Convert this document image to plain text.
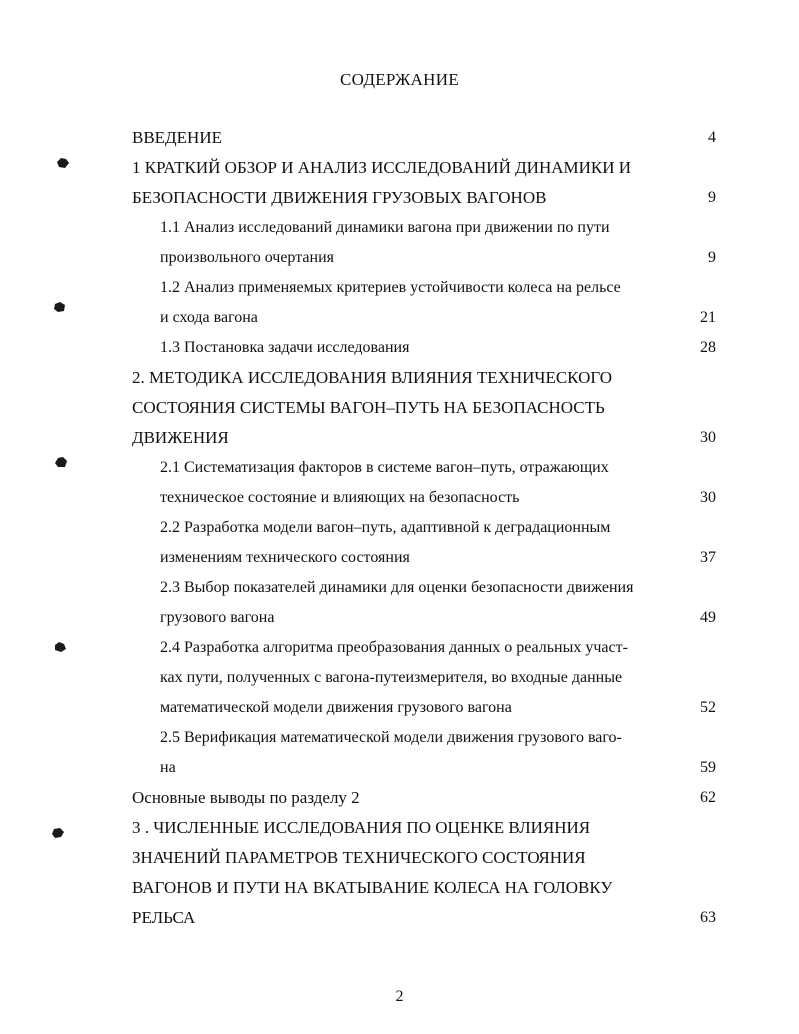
СОДЕРЖАНИЕ
ВВЕДЕНИЕ	4
1 КРАТКИЙ ОБЗОР И АНАЛИЗ ИССЛЕДОВАНИЙ ДИНАМИКИ И
БЕЗОПАСНОСТИ ДВИЖЕНИЯ ГРУЗОВЫХ ВАГОНОВ	9
1.1 Анализ исследований динамики вагона при движении по пути
произвольного очертания	9
1.2 Анализ применяемых критериев устойчивости колеса на рельсе
и схода вагона	21
1.3 Постановка задачи исследования	28
2. МЕТОДИКА ИССЛЕДОВАНИЯ ВЛИЯНИЯ ТЕХНИЧЕСКОГО
СОСТОЯНИЯ СИСТЕМЫ ВАГОН–ПУТЬ НА БЕЗОПАСНОСТЬ
ДВИЖЕНИЯ	30
2.1 Систематизация факторов в системе вагон–путь, отражающих
техническое состояние и влияющих на безопасность	30
2.2 Разработка модели вагон–путь, адаптивной к деградационным
изменениям технического состояния	37
2.3 Выбор показателей динамики для оценки безопасности движения
грузового вагона	49
2.4 Разработка алгоритма преобразования данных о реальных участ-
ках пути, полученных с вагона-путеизмерителя, во входные данные
математической модели движения грузового вагона	52
2.5 Верификация математической модели движения грузового ваго-
на	59
Основные выводы по разделу 2	62
3 . ЧИСЛЕННЫЕ ИССЛЕДОВАНИЯ ПО ОЦЕНКЕ ВЛИЯНИЯ
ЗНАЧЕНИЙ ПАРАМЕТРОВ ТЕХНИЧЕСКОГО СОСТОЯНИЯ
ВАГОНОВ И ПУТИ НА ВКАТЫВАНИЕ КОЛЕСА НА ГОЛОВКУ
РЕЛЬСА	63
2
